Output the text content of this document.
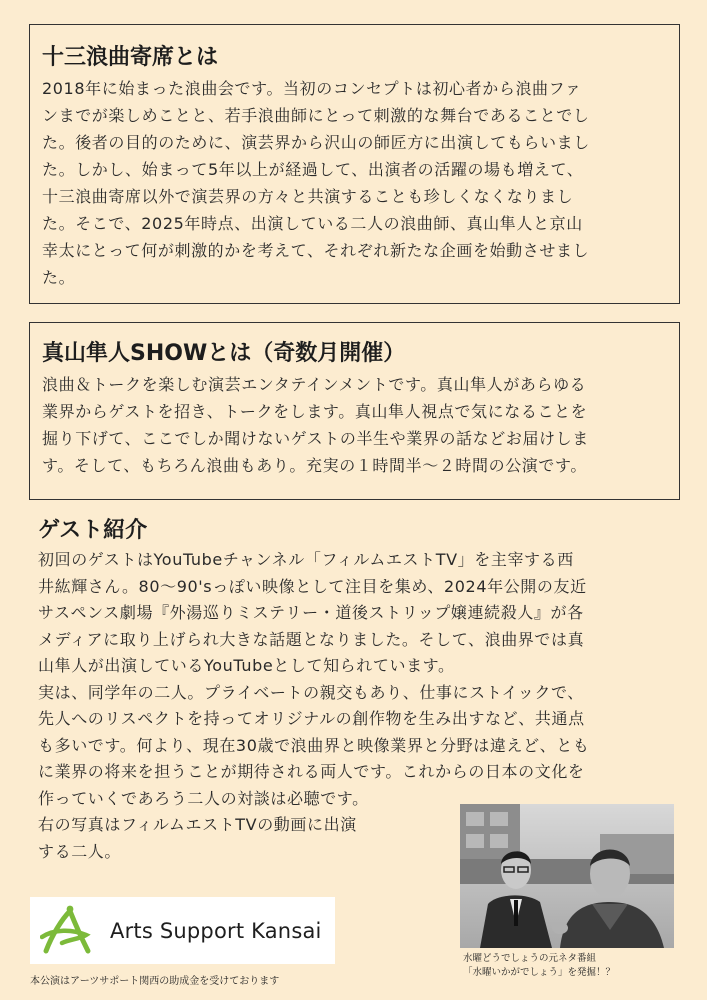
十三浪曲寄席とは
2018年に始まった浪曲会です。当初のコンセプトは初心者から浪曲ファ
ンまでが楽しめことと、若手浪曲師にとって刺激的な舞台であることでし
た。後者の目的のために、演芸界から沢山の師匠方に出演してもらいまし
た。しかし、始まって5年以上が経過して、出演者の活躍の場も増えて、
十三浪曲寄席以外で演芸界の方々と共演することも珍しくなくなりまし
た。そこで、2025年時点、出演している二人の浪曲師、真山隼人と京山
幸太にとって何が刺激的かを考えて、それぞれ新たな企画を始動させまし
た。
真山隼人SHOWとは（奇数月開催）
浪曲＆トークを楽しむ演芸エンタテインメントです。真山隼人があらゆる
業界からゲストを招き、トークをします。真山隼人視点で気になることを
掘り下げて、ここでしか聞けないゲストの半生や業界の話などお届けしま
す。そして、もちろん浪曲もあり。充実の１時間半〜２時間の公演です。
ゲスト紹介
初回のゲストはYouTubeチャンネル「フィルムエストTV」を主宰する西
井紘輝さん。80〜90'sっぽい映像として注目を集め、2024年公開の友近
サスペンス劇場『外湯巡りミステリー・道後ストリップ嬢連続殺人』が各
メディアに取り上げられ大きな話題となりました。そして、浪曲界では真
山隼人が出演しているYouTubeとして知られています。
実は、同学年の二人。プライベートの親交もあり、仕事にストイックで、
先人へのリスペクトを持ってオリジナルの創作物を生み出すなど、共通点
も多いです。何より、現在30歳で浪曲界と映像業界と分野は違えど、とも
に業界の将来を担うことが期待される両人です。これからの日本の文化を
作っていくであろう二人の対談は必聴です。
右の写真はフィルムエストTVの動画に出演
する二人。
Arts Support Kansai
本公演はアーツサポート関西の助成金を受けております
水曜どうでしょうの元ネタ番組
「水曜いかがでしょう」を発掘！？
